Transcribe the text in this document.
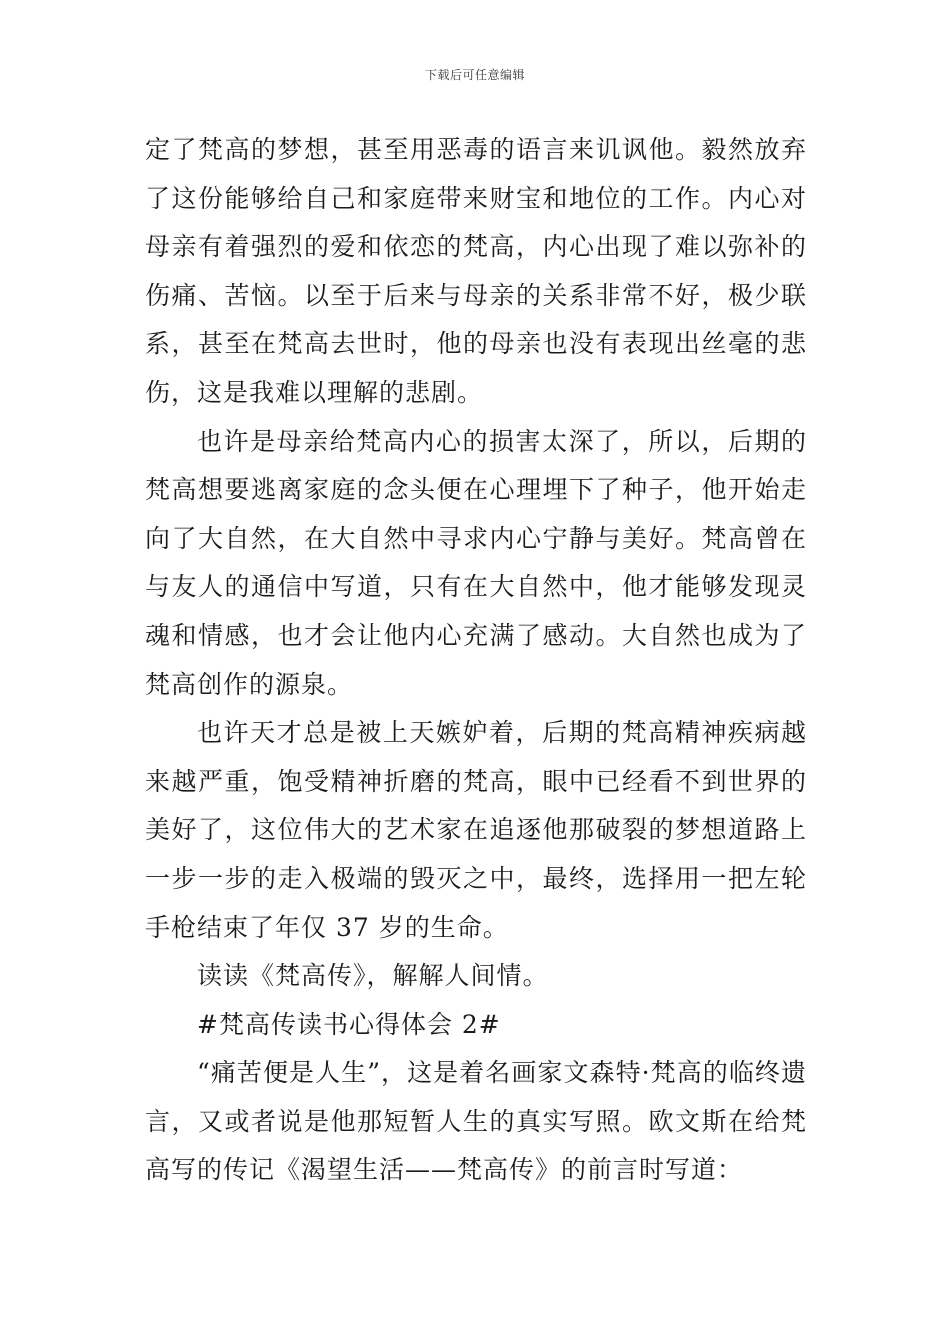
下载后可任意编辑

定了梵高的梦想，甚至用恶毒的语言来讥讽他。毅然放弃了这份能够给自己和家庭带来财宝和地位的工作。内心对母亲有着强烈的爱和依恋的梵高，内心出现了难以弥补的伤痛、苦恼。以至于后来与母亲的关系非常不好，极少联系，甚至在梵高去世时，他的母亲也没有表现出丝毫的悲伤，这是我难以理解的悲剧。

也许是母亲给梵高内心的损害太深了，所以，后期的梵高想要逃离家庭的念头便在心理埋下了种子，他开始走向了大自然，在大自然中寻求内心宁静与美好。梵高曾在与友人的通信中写道，只有在大自然中，他才能够发现灵魂和情感，也才会让他内心充满了感动。大自然也成为了梵高创作的源泉。

也许天才总是被上天嫉妒着，后期的梵高精神疾病越来越严重，饱受精神折磨的梵高，眼中已经看不到世界的美好了，这位伟大的艺术家在追逐他那破裂的梦想道路上一步一步的走入极端的毁灭之中，最终，选择用一把左轮手枪结束了年仅 37 岁的生命。

读读《梵高传》，解解人间情。

#梵高传读书心得体会 2#

“痛苦便是人生”，这是着名画家文森特·梵高的临终遗言，又或者说是他那短暂人生的真实写照。欧文斯在给梵高写的传记《渴望生活——梵高传》的前言时写道：
